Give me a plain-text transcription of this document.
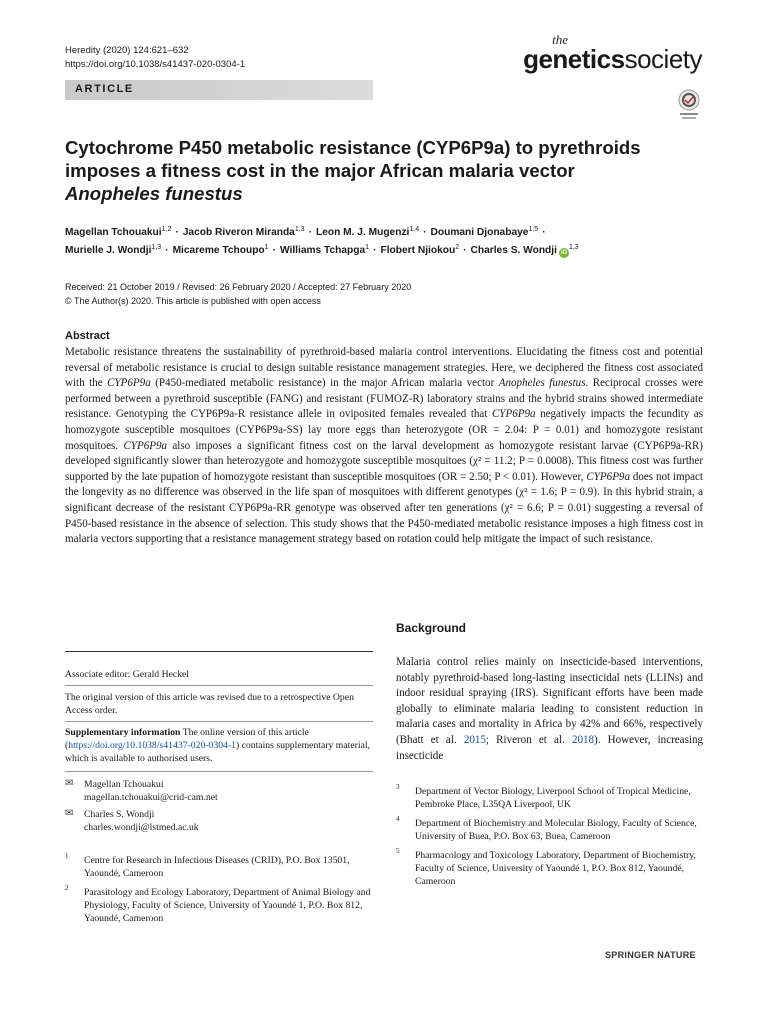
Heredity (2020) 124:621–632
https://doi.org/10.1038/s41437-020-0304-1
the
geneticssociety
ARTICLE
Cytochrome P450 metabolic resistance (CYP6P9a) to pyrethroids
imposes a fitness cost in the major African malaria vector
Anopheles funestus
Magellan Tchouakui$^{1,2}$ · Jacob Riveron Miranda$^{1,3}$ · Leon M. J. Mugenzi$^{1,4}$ · Doumani Djonabaye$^{1,5}$ ·
Murielle J. Wondji$^{1,3}$ · Micareme Tchoupo$^1$ · Williams Tchapga$^1$ · Flobert Njiokou$^2$ · Charles S. Wondji iD$^{1,3}$
Received: 21 October 2019 / Revised: 26 February 2020 / Accepted: 27 February 2020
© The Author(s) 2020. This article is published with open access
Abstract
Metabolic resistance threatens the sustainability of pyrethroid-based malaria control interventions. Elucidating the fitness cost and potential reversal of metabolic resistance is crucial to design suitable resistance management strategies. Here, we deciphered the fitness cost associated with the CYP6P9a (P450-mediated metabolic resistance) in the major African malaria vector Anopheles funestus. Reciprocal crosses were performed between a pyrethroid susceptible (FANG) and resistant (FUMOZ-R) laboratory strains and the hybrid strains showed intermediate resistance. Genotyping the CYP6P9a-R resistance allele in oviposited females revealed that CYP6P9a negatively impacts the fecundity as homozygote susceptible mosquitoes (CYP6P9a-SS) lay more eggs than heterozygote (OR = 2.04: P = 0.01) and homozygote resistant mosquitoes. CYP6P9a also imposes a significant fitness cost on the larval development as homozygote resistant larvae (CYP6P9a-RR) developed significantly slower than heterozygote and homozygote susceptible mosquitoes (χ² = 11.2; P = 0.0008). This fitness cost was further supported by the late pupation of homozygote resistant than susceptible mosquitoes (OR = 2.50; P < 0.01). However, CYP6P9a does not impact the longevity as no difference was observed in the life span of mosquitoes with different genotypes (χ² = 1.6; P = 0.9). In this hybrid strain, a significant decrease of the resistant CYP6P9a-RR genotype was observed after ten generations (χ² = 6.6; P = 0.01) suggesting a reversal of P450-based resistance in the absence of selection. This study shows that the P450-mediated metabolic resistance imposes a high fitness cost in malaria vectors supporting that a resistance management strategy based on rotation could help mitigate the impact of such resistance.
Background
Malaria control relies mainly on insecticide-based interventions, notably pyrethroid-based long-lasting insecticidal nets (LLINs) and indoor residual spraying (IRS). Significant efforts have been made globally to eliminate malaria leading to consistent reduction in malaria cases and mortality in Africa by 42% and 66%, respectively (Bhatt et al. 2015; Riveron et al. 2018). However, increasing insecticide
Associate editor: Gerald Heckel
The original version of this article was revised due to a retrospective Open Access order.
Supplementary information The online version of this article (https://doi.org/10.1038/s41437-020-0304-1) contains supplementary material, which is available to authorised users.
✉ Magellan Tchouakui
magellan.tchouakui@crid-cam.net
✉ Charles S. Wondji
charles.wondji@lstmed.ac.uk
1 Centre for Research in Infectious Diseases (CRID), P.O. Box 13501, Yaoundé, Cameroon
2 Parasitology and Ecology Laboratory, Department of Animal Biology and Physiology, Faculty of Science, University of Yaoundé 1, P.O. Box 812, Yaoundé, Cameroon
3 Department of Vector Biology, Liverpool School of Tropical Medicine, Pembroke Place, L35QA Liverpool, UK
4 Department of Biochemistry and Molecular Biology, Faculty of Science, University of Buea, P.O. Box 63, Buea, Cameroon
5 Pharmacology and Toxicology Laboratory, Department of Biochemistry, Faculty of Science, University of Yaoundé 1, P.O. Box 812, Yaoundé, Cameroon
SPRINGER NATURE
